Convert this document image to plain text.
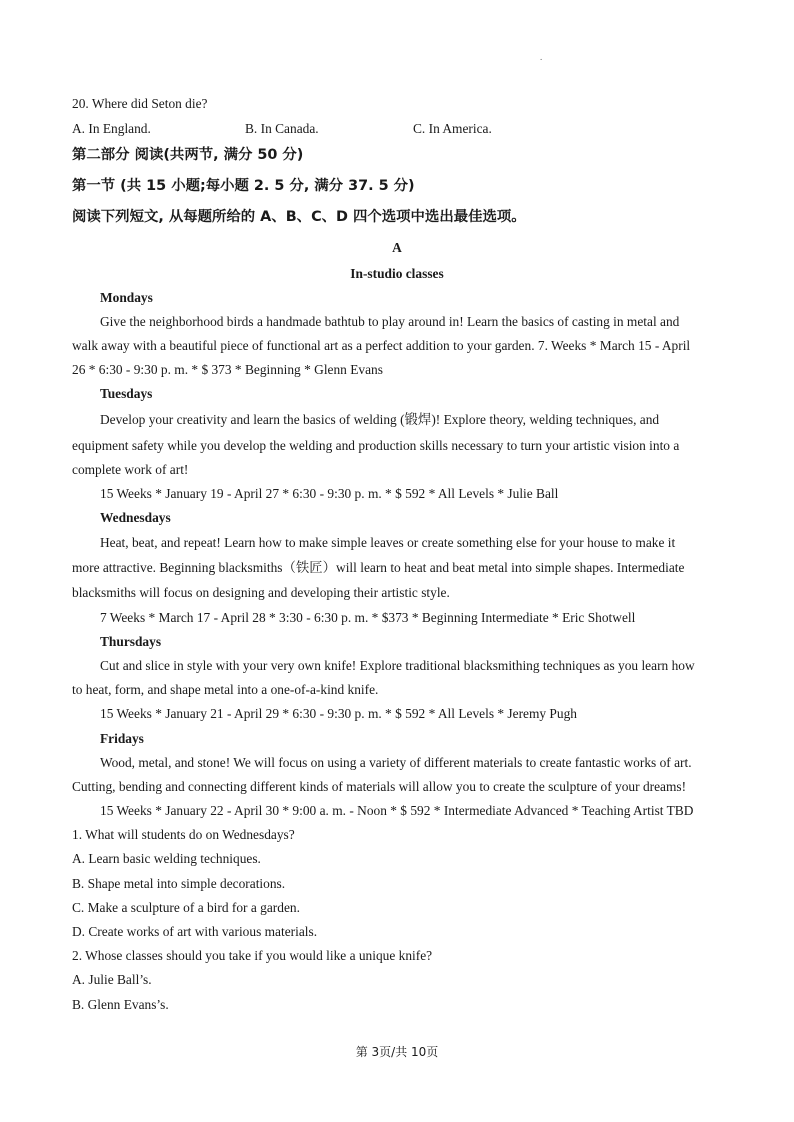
.
20. Where did Seton die?
A. In England.	B. In Canada.	C. In America.
第二部分 阅读(共两节, 满分 50 分)
第一节 (共 15 小题;每小题 2. 5 分, 满分 37. 5 分)
阅读下列短文, 从每题所给的 A、B、C、D 四个选项中选出最佳选项。
A
In-studio classes
Mondays
Give the neighborhood birds a handmade bathtub to play around in! Learn the basics of casting in metal and
walk away with a beautiful piece of functional art as a perfect addition to your garden. 7. Weeks * March 15 - April
26 * 6:30 - 9:30 p. m. * $ 373 * Beginning * Glenn Evans
Tuesdays
Develop your creativity and learn the basics of welding (锻焊)! Explore theory, welding techniques, and
equipment safety while you develop the welding and production skills necessary to turn your artistic vision into a
complete work of art!
15 Weeks * January 19 - April 27 * 6:30 - 9:30 p. m. * $ 592 * All Levels * Julie Ball
Wednesdays
Heat, beat, and repeat! Learn how to make simple leaves or create something else for your house to make it
more attractive. Beginning blacksmiths（铁匠）will learn to heat and beat metal into simple shapes. Intermediate
blacksmiths will focus on designing and developing their artistic style.
7 Weeks * March 17 - April 28 * 3:30 - 6:30 p. m. * $373 * Beginning Intermediate * Eric Shotwell
Thursdays
Cut and slice in style with your very own knife! Explore traditional blacksmithing techniques as you learn how
to heat, form, and shape metal into a one-of-a-kind knife.
15 Weeks * January 21 - April 29 * 6:30 - 9:30 p. m. * $ 592 * All Levels * Jeremy Pugh
Fridays
Wood, metal, and stone! We will focus on using a variety of different materials to create fantastic works of art.
Cutting, bending and connecting different kinds of materials will allow you to create the sculpture of your dreams!
15 Weeks * January 22 - April 30 * 9:00 a. m. - Noon * $ 592 * Intermediate Advanced * Teaching Artist TBD
1. What will students do on Wednesdays?
A. Learn basic welding techniques.
B. Shape metal into simple decorations.
C. Make a sculpture of a bird for a garden.
D. Create works of art with various materials.
2. Whose classes should you take if you would like a unique knife?
A. Julie Ball’s.
B. Glenn Evans’s.
第 3页/共 10页
